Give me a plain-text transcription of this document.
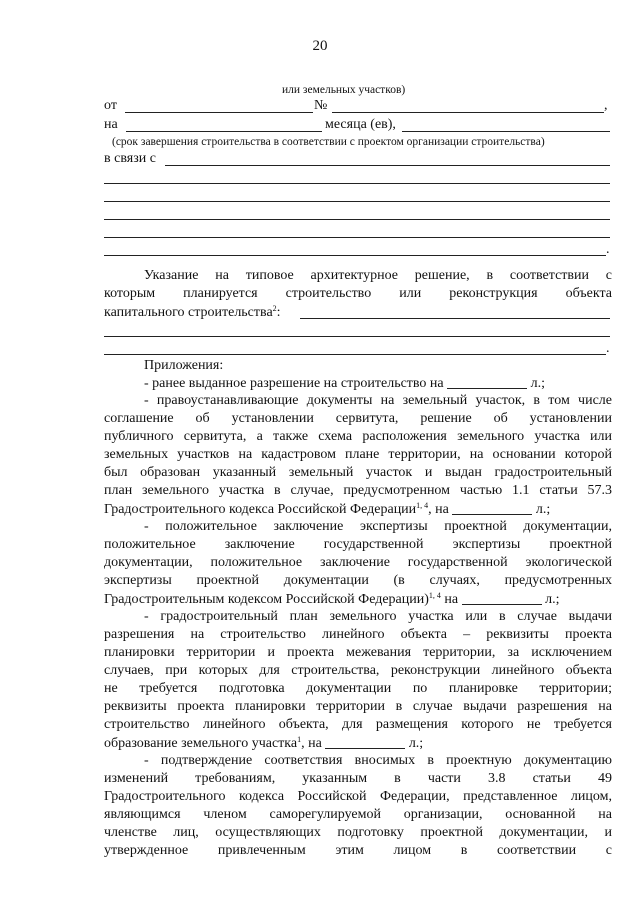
20
или земельных участков)
от	№	,
на	месяца (ев),
(срок завершения строительства в соответствии с проектом организации строительства)
в связи с
.
Указание на типовое архитектурное решение, в соответствии с
которым планируется строительство или реконструкция объекта
капитального строительства$^2$:
.
Приложения:
- ранее выданное разрешение на строительство на	л.;
- правоустанавливающие документы на земельный участок, в том числе
соглашение об установлении сервитута, решение об установлении
публичного сервитута, а также схема расположения земельного участка или
земельных участков на кадастровом плане территории, на основании которой
был образован указанный земельный участок и выдан градостроительный
план земельного участка в случае, предусмотренном частью 1.1 статьи 57.3
Градостроительного кодекса Российской Федерации$^{1, 4}$, на	л.;
- положительное заключение экспертизы проектной документации,
положительное заключение государственной экспертизы проектной
документации, положительное заключение государственной экологической
экспертизы проектной документации (в случаях, предусмотренных
Градостроительным кодексом Российской Федерации)$^{1, 4}$ на	л.;
- градостроительный план земельного участка или в случае выдачи
разрешения на строительство линейного объекта – реквизиты проекта
планировки территории и проекта межевания территории, за исключением
случаев, при которых для строительства, реконструкции линейного объекта
не требуется подготовка документации по планировке территории;
реквизиты проекта планировки территории в случае выдачи разрешения на
строительство линейного объекта, для размещения которого не требуется
образование земельного участка$^1$, на	л.;
- подтверждение соответствия вносимых в проектную документацию
изменений требованиям, указанным в части 3.8 статьи 49
Градостроительного кодекса Российской Федерации, представленное лицом,
являющимся членом саморегулируемой организации, основанной на
членстве лиц, осуществляющих подготовку проектной документации, и
утвержденное привлеченным этим лицом в соответствии с
